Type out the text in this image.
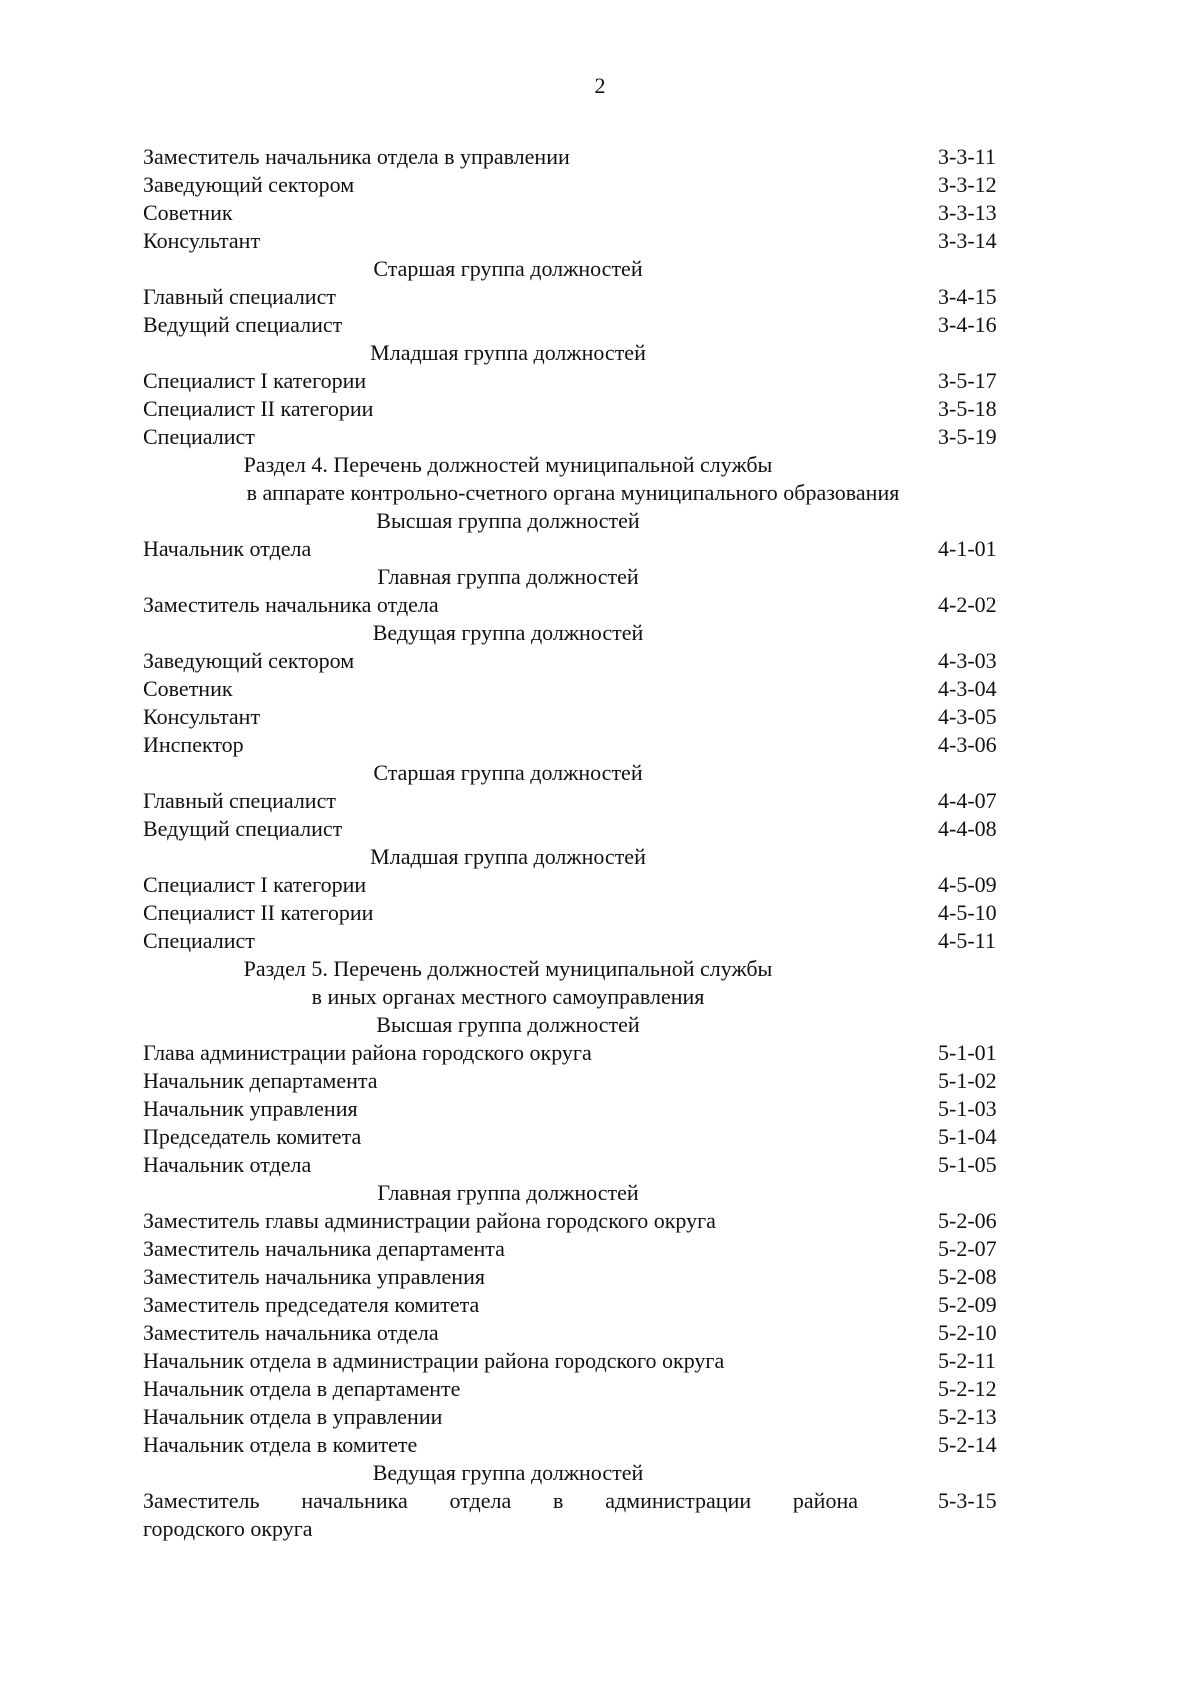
2
Заместитель начальника отдела в управлении	3-3-11
Заведующий сектором	3-3-12
Советник	3-3-13
Консультант	3-3-14
Старшая группа должностей
Главный специалист	3-4-15
Ведущий специалист	3-4-16
Младшая группа должностей
Специалист I категории	3-5-17
Специалист II категории	3-5-18
Специалист	3-5-19
Раздел 4. Перечень должностей муниципальной службы
в аппарате контрольно-счетного органа муниципального образования
Высшая группа должностей
Начальник отдела	4-1-01
Главная группа должностей
Заместитель начальника отдела	4-2-02
Ведущая группа должностей
Заведующий сектором	4-3-03
Советник	4-3-04
Консультант	4-3-05
Инспектор	4-3-06
Старшая группа должностей
Главный специалист	4-4-07
Ведущий специалист	4-4-08
Младшая группа должностей
Специалист I категории	4-5-09
Специалист II категории	4-5-10
Специалист	4-5-11
Раздел 5. Перечень должностей муниципальной службы
в иных органах местного самоуправления
Высшая группа должностей
Глава администрации района городского округа	5-1-01
Начальник департамента	5-1-02
Начальник управления	5-1-03
Председатель комитета	5-1-04
Начальник отдела	5-1-05
Главная группа должностей
Заместитель главы администрации района городского округа	5-2-06
Заместитель начальника департамента	5-2-07
Заместитель начальника управления	5-2-08
Заместитель председателя комитета	5-2-09
Заместитель начальника отдела	5-2-10
Начальник отдела в администрации района городского округа	5-2-11
Начальник отдела в департаменте	5-2-12
Начальник отдела в управлении	5-2-13
Начальник отдела в комитете	5-2-14
Ведущая группа должностей
Заместитель начальника отдела в администрации района	5-3-15
городского округа
